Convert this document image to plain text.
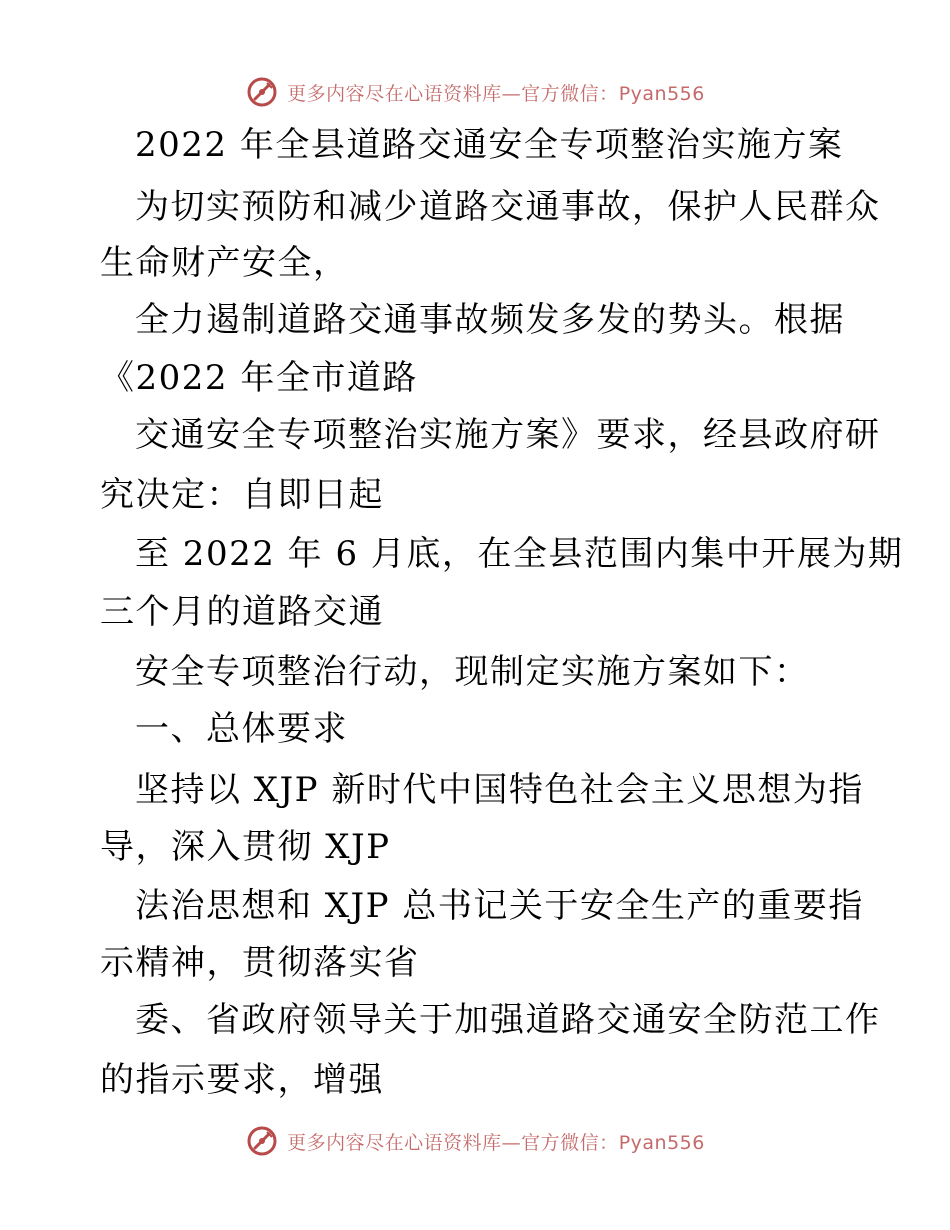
更多内容尽在心语资料库—官方微信：Pyan556
2022 年全县道路交通安全专项整治实施方案
为切实预防和减少道路交通事故，保护人民群众
生命财产安全，
全力遏制道路交通事故频发多发的势头。根据
《2022 年全市道路
交通安全专项整治实施方案》要求，经县政府研
究决定：自即日起
至 2022 年 6 月底，在全县范围内集中开展为期
三个月的道路交通
安全专项整治行动，现制定实施方案如下：
一、总体要求
坚持以 XJP 新时代中国特色社会主义思想为指
导，深入贯彻 XJP
法治思想和 XJP 总书记关于安全生产的重要指
示精神，贯彻落实省
委、省政府领导关于加强道路交通安全防范工作
的指示要求，增强
更多内容尽在心语资料库—官方微信：Pyan556
